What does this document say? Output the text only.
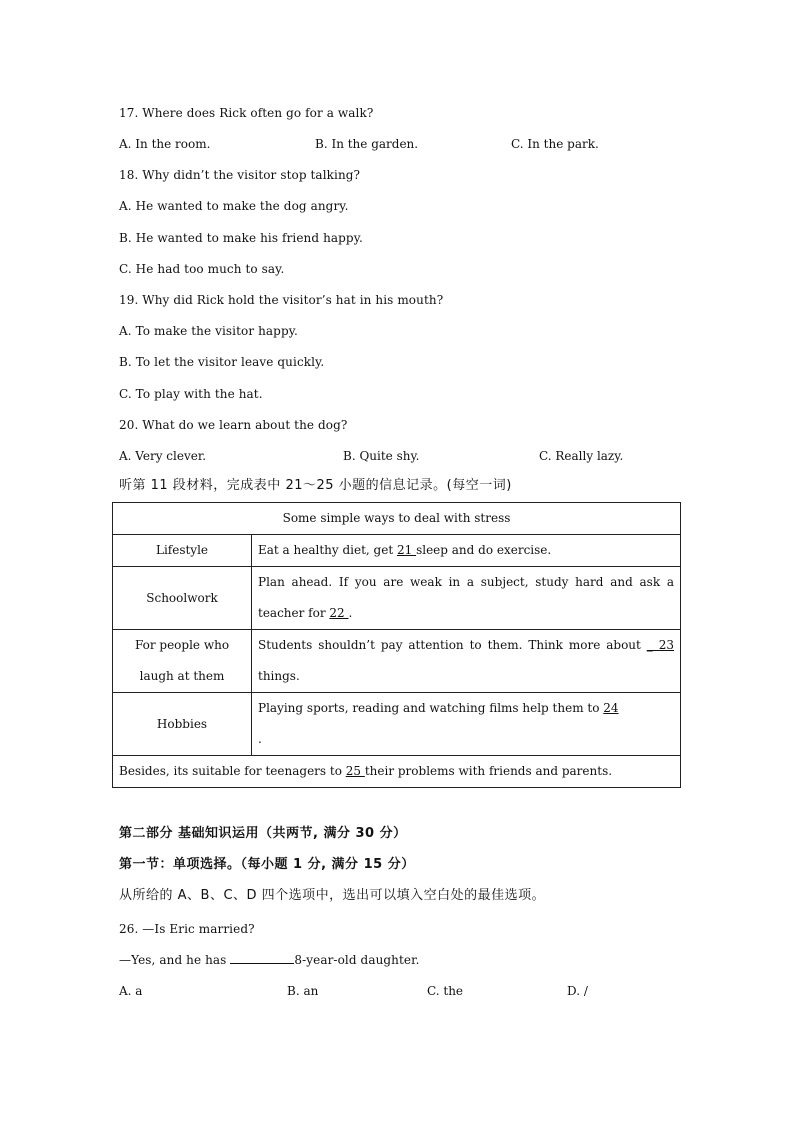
17. Where does Rick often go for a walk?
A. In the room.	B. In the garden.	C. In the park.
18. Why didn’t the visitor stop talking?
A. He wanted to make the dog angry.
B. He wanted to make his friend happy.
C. He had too much to say.
19. Why did Rick hold the visitor’s hat in his mouth?
A. To make the visitor happy.
B. To let the visitor leave quickly.
C. To play with the hat.
20. What do we learn about the dog?
A. Very clever.	B. Quite shy.	C. Really lazy.
听第 11 段材料，完成表中 21～25 小题的信息记录。(每空一词)
Some simple ways to deal with stress	
Lifestyle	Eat a healthy diet, get 21 sleep and do exercise.
Schoolwork	Plan ahead. If you are weak in a subject, study hard and ask a teacher for 22 .
For people who laugh at them	Students shouldn’t pay attention to them. Think more about _ 23 things.
Hobbies	Playing sports, reading and watching films help them to 24
.
Besides, its suitable for teenagers to 25 their problems with friends and parents.	
第二部分 基础知识运用（共两节, 满分 30 分）
第一节：单项选择。（每小题 1 分, 满分 15 分）
从所给的 A、B、C、D 四个选项中，选出可以填入空白处的最佳选项。
26. —Is Eric married?
—Yes, and he has	8-year-old daughter.
A. a	B. an	C. the	D. /
